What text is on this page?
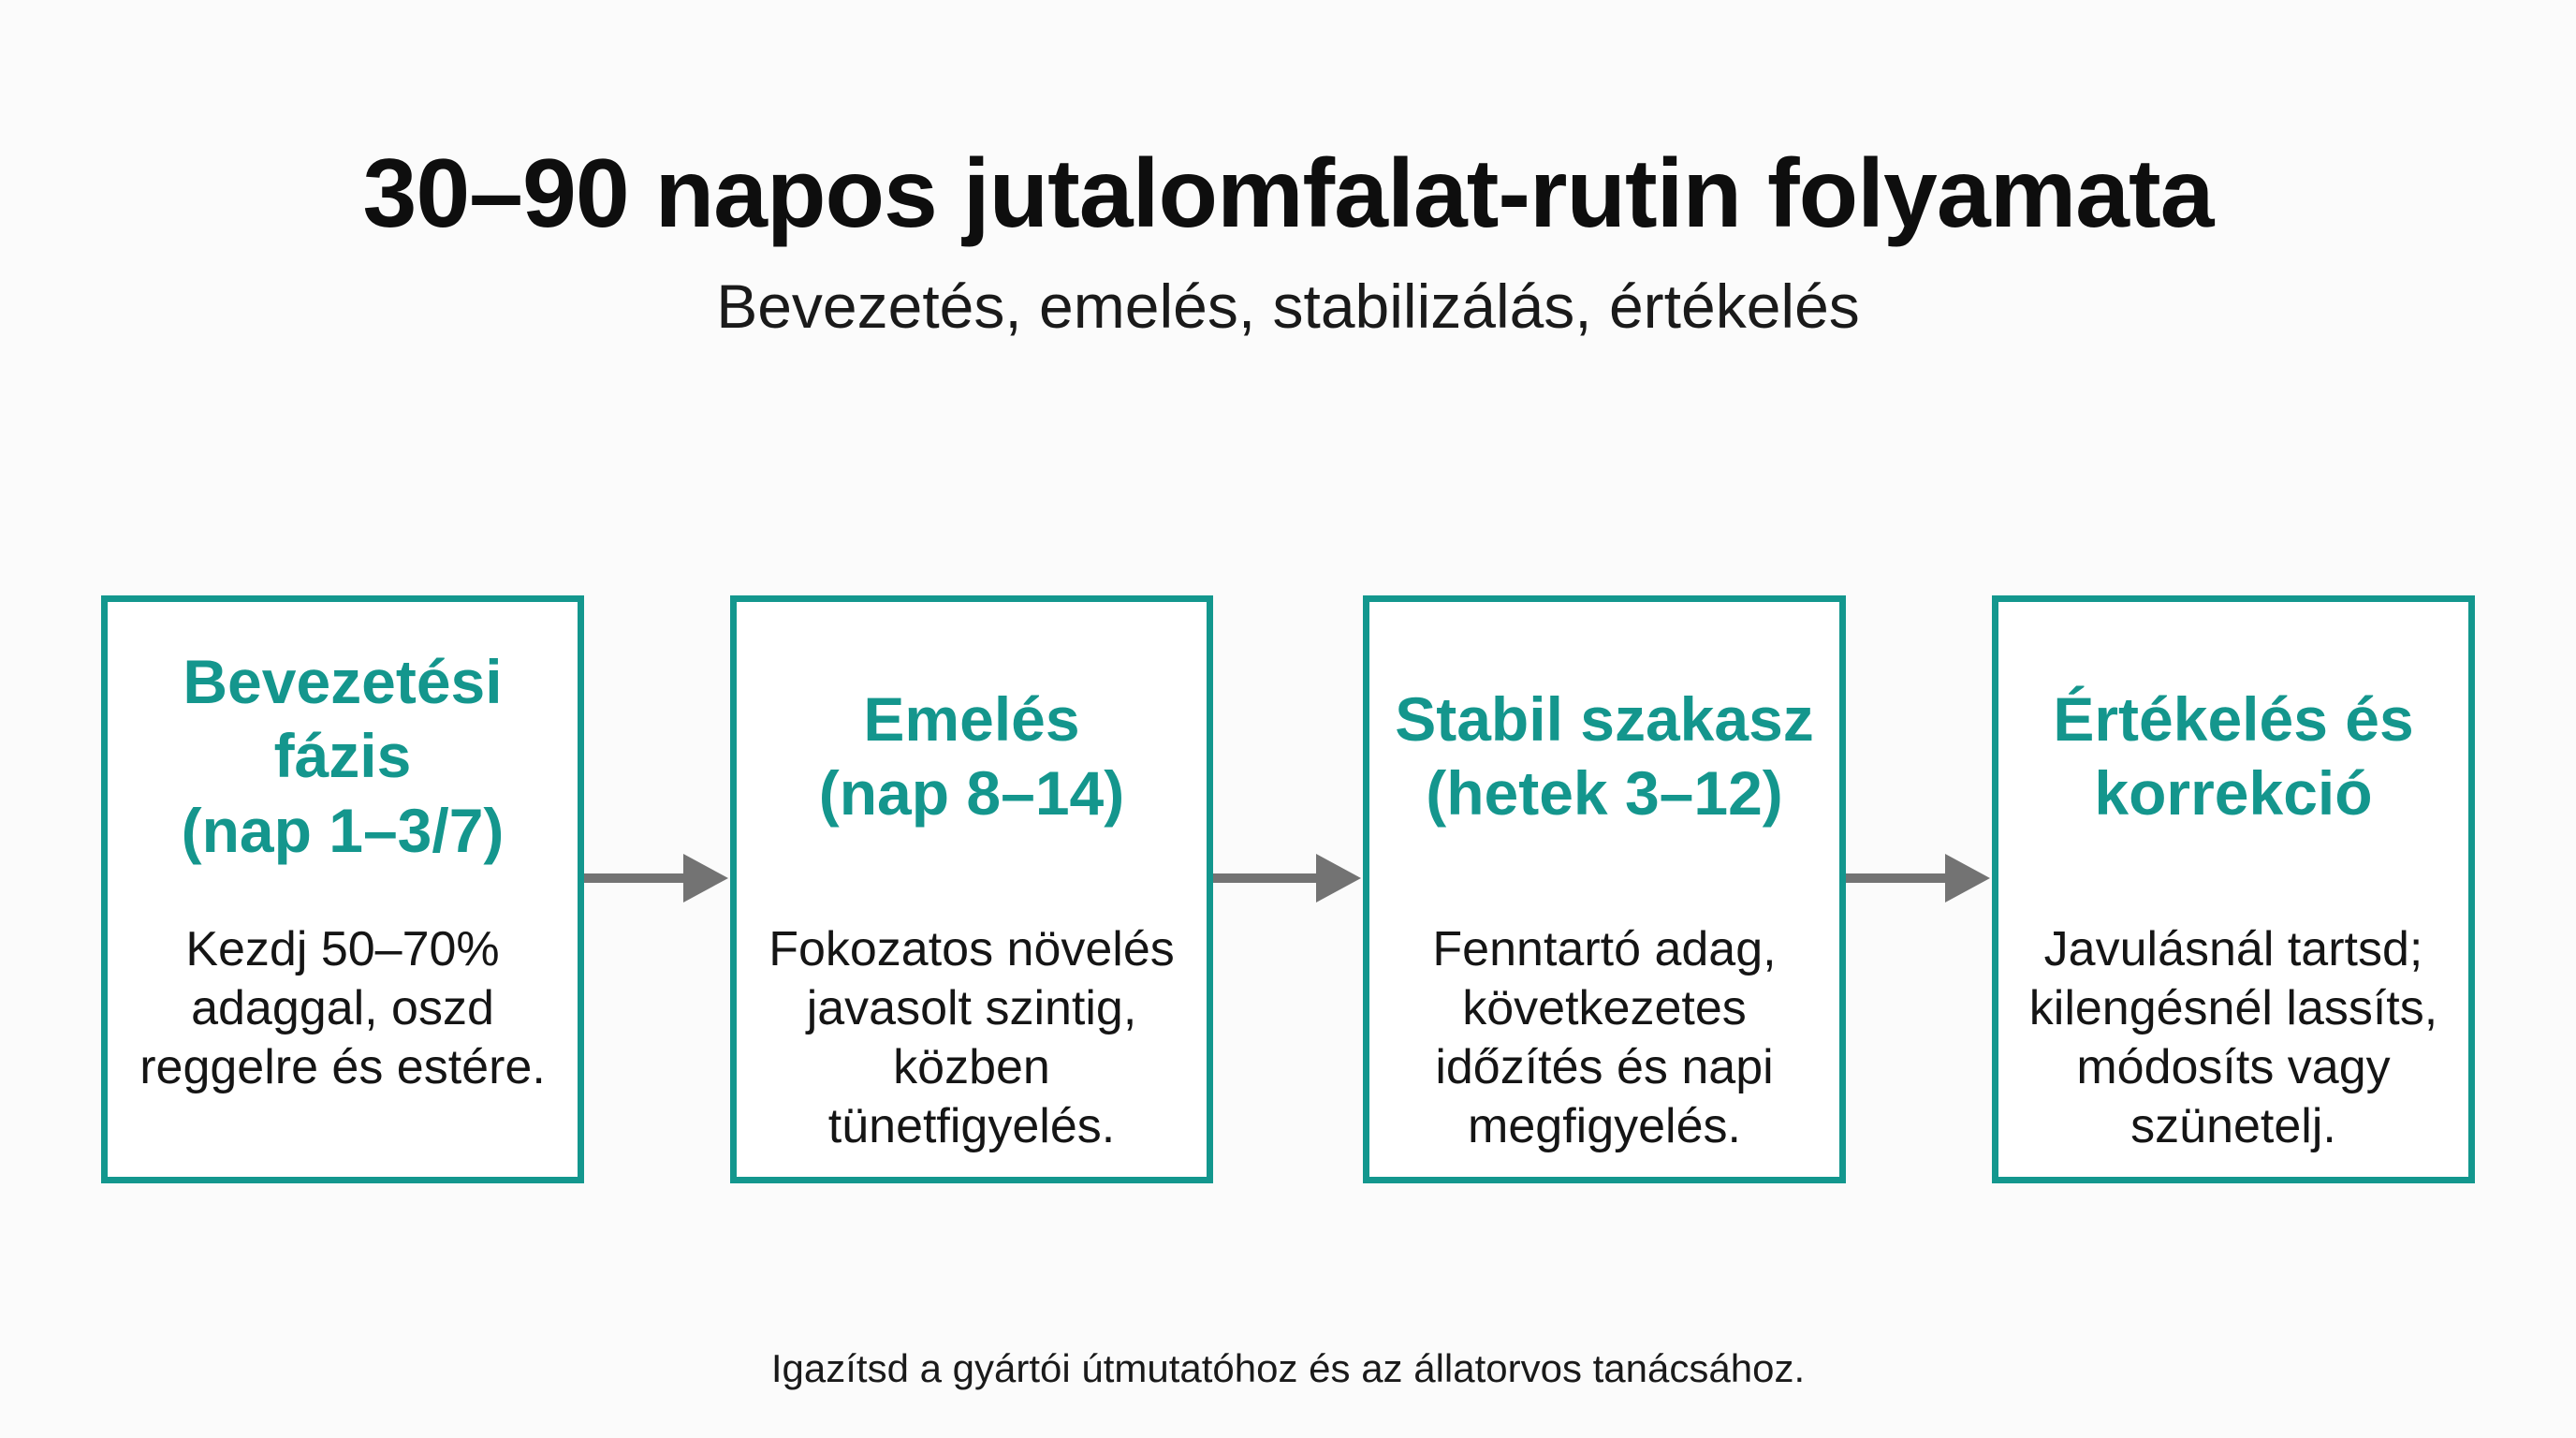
30–90 napos jutalomfalat-rutin folyamata
Bevezetés, emelés, stabilizálás, értékelés
Bevezetési
fázis
(nap 1–3/7)
Kezdj 50–70%
adaggal, oszd
reggelre és estére.
Emelés
(nap 8–14)
Fokozatos növelés
javasolt szintig,
közben
tünetfigyelés.
Stabil szakasz
(hetek 3–12)
Fenntartó adag,
következetes
időzítés és napi
megfigyelés.
Értékelés és
korrekció
Javulásnál tartsd;
kilengésnél lassíts,
módosíts vagy
szünetelj.
Igazítsd a gyártói útmutatóhoz és az állatorvos tanácsához.
